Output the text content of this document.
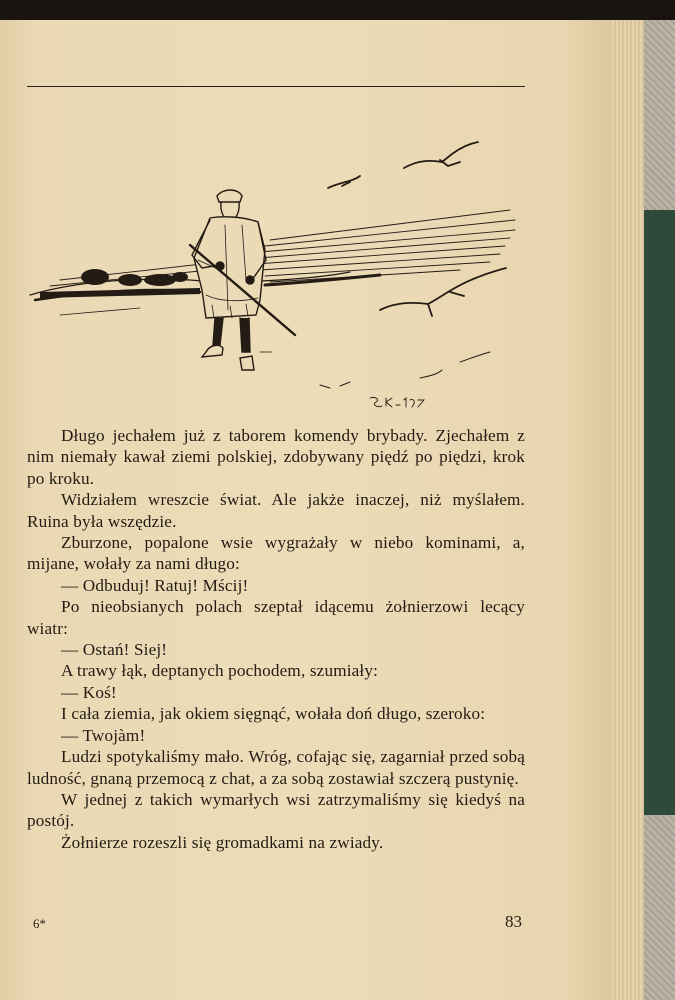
Długo jechałem już z taborem komendy brybady. Zjechałem z nim niemały kawał ziemi polskiej, zdobywany piędź po piędzi, krok po kroku.

Widziałem wreszcie świat. Ale jakże inaczej, niż myślałem. Ruina była wszędzie.

Zburzone, popalone wsie wygrażały w niebo kominami, a, mijane, wołały za nami długo:

— Odbuduj! Ratuj! Mścij!

Po nieobsianych polach szeptał idącemu żołnierzowi lecący wiatr:

— Ostań! Siej!

A trawy łąk, deptanych pochodem, szumiały:

— Koś!

I cała ziemia, jak okiem sięgnąć, wołała doń długo, szeroko:

— Twojàm!

Ludzi spotykaliśmy mało. Wróg, cofając się, zagarniał przed sobą ludność, gnaną przemocą z chat, a za sobą zostawiał szczerą pustynię.

W jednej z takich wymarłych wsi zatrzymaliśmy się kiedyś na postój.

Żołnierze rozeszli się gromadkami na zwiady.

6*	83
